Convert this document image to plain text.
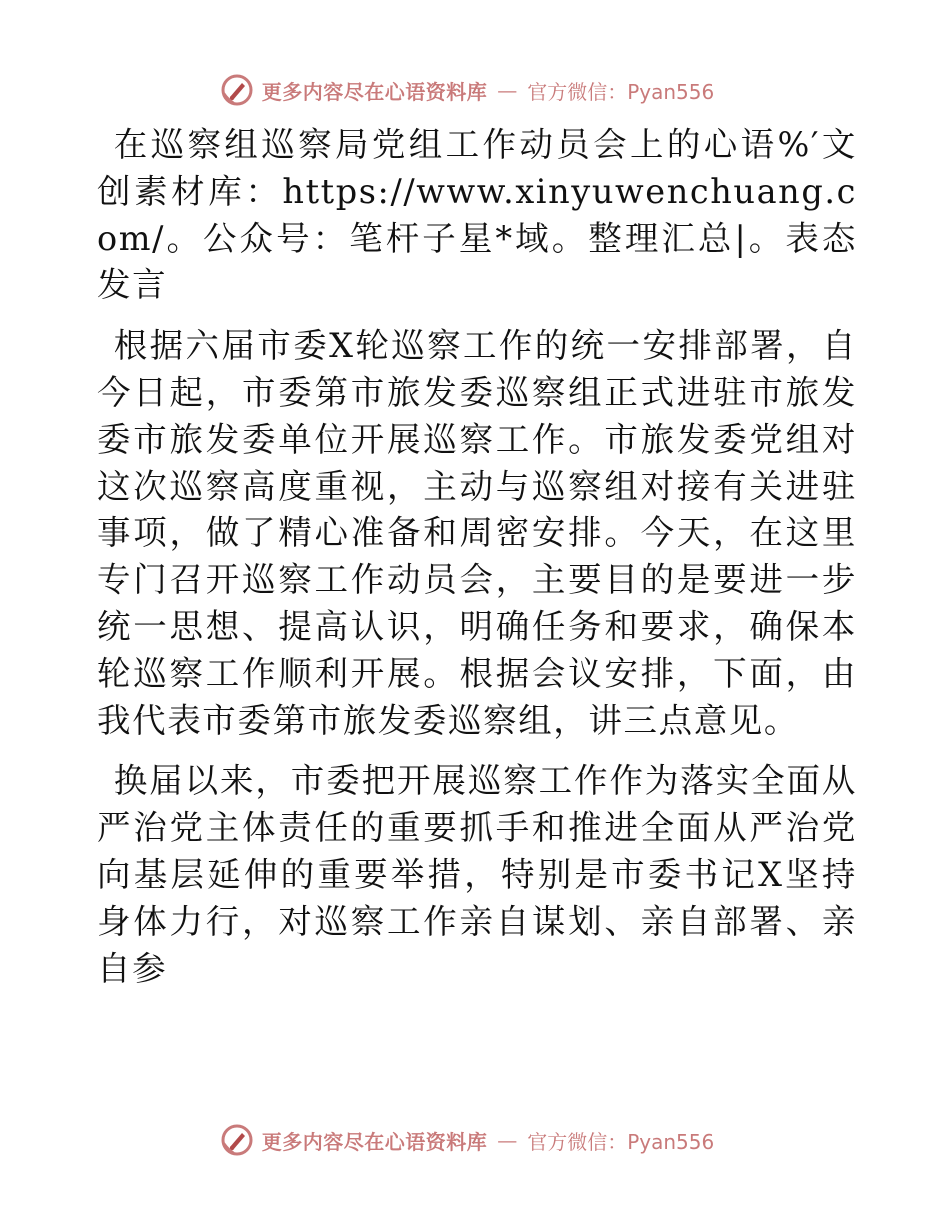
更多内容尽在心语资料库 — 官方微信：Pyan556

在巡察组巡察局党组工作动员会上的心语%′文创素材库：https://www.xinyuwenchuang.com/。公众号：笔杆子星*域。整理汇总|。表态发言

根据六届市委X轮巡察工作的统一安排部署，自今日起，市委第市旅发委巡察组正式进驻市旅发委市旅发委单位开展巡察工作。市旅发委党组对这次巡察高度重视，主动与巡察组对接有关进驻事项，做了精心准备和周密安排。今天，在这里专门召开巡察工作动员会，主要目的是要进一步统一思想、提高认识，明确任务和要求，确保本轮巡察工作顺利开展。根据会议安排，下面，由我代表市委第市旅发委巡察组，讲三点意见。

换届以来，市委把开展巡察工作作为落实全面从严治党主体责任的重要抓手和推进全面从严治党向基层延伸的重要举措，特别是市委书记X坚持身体力行，对巡察工作亲自谋划、亲自部署、亲自参

更多内容尽在心语资料库 — 官方微信：Pyan556
